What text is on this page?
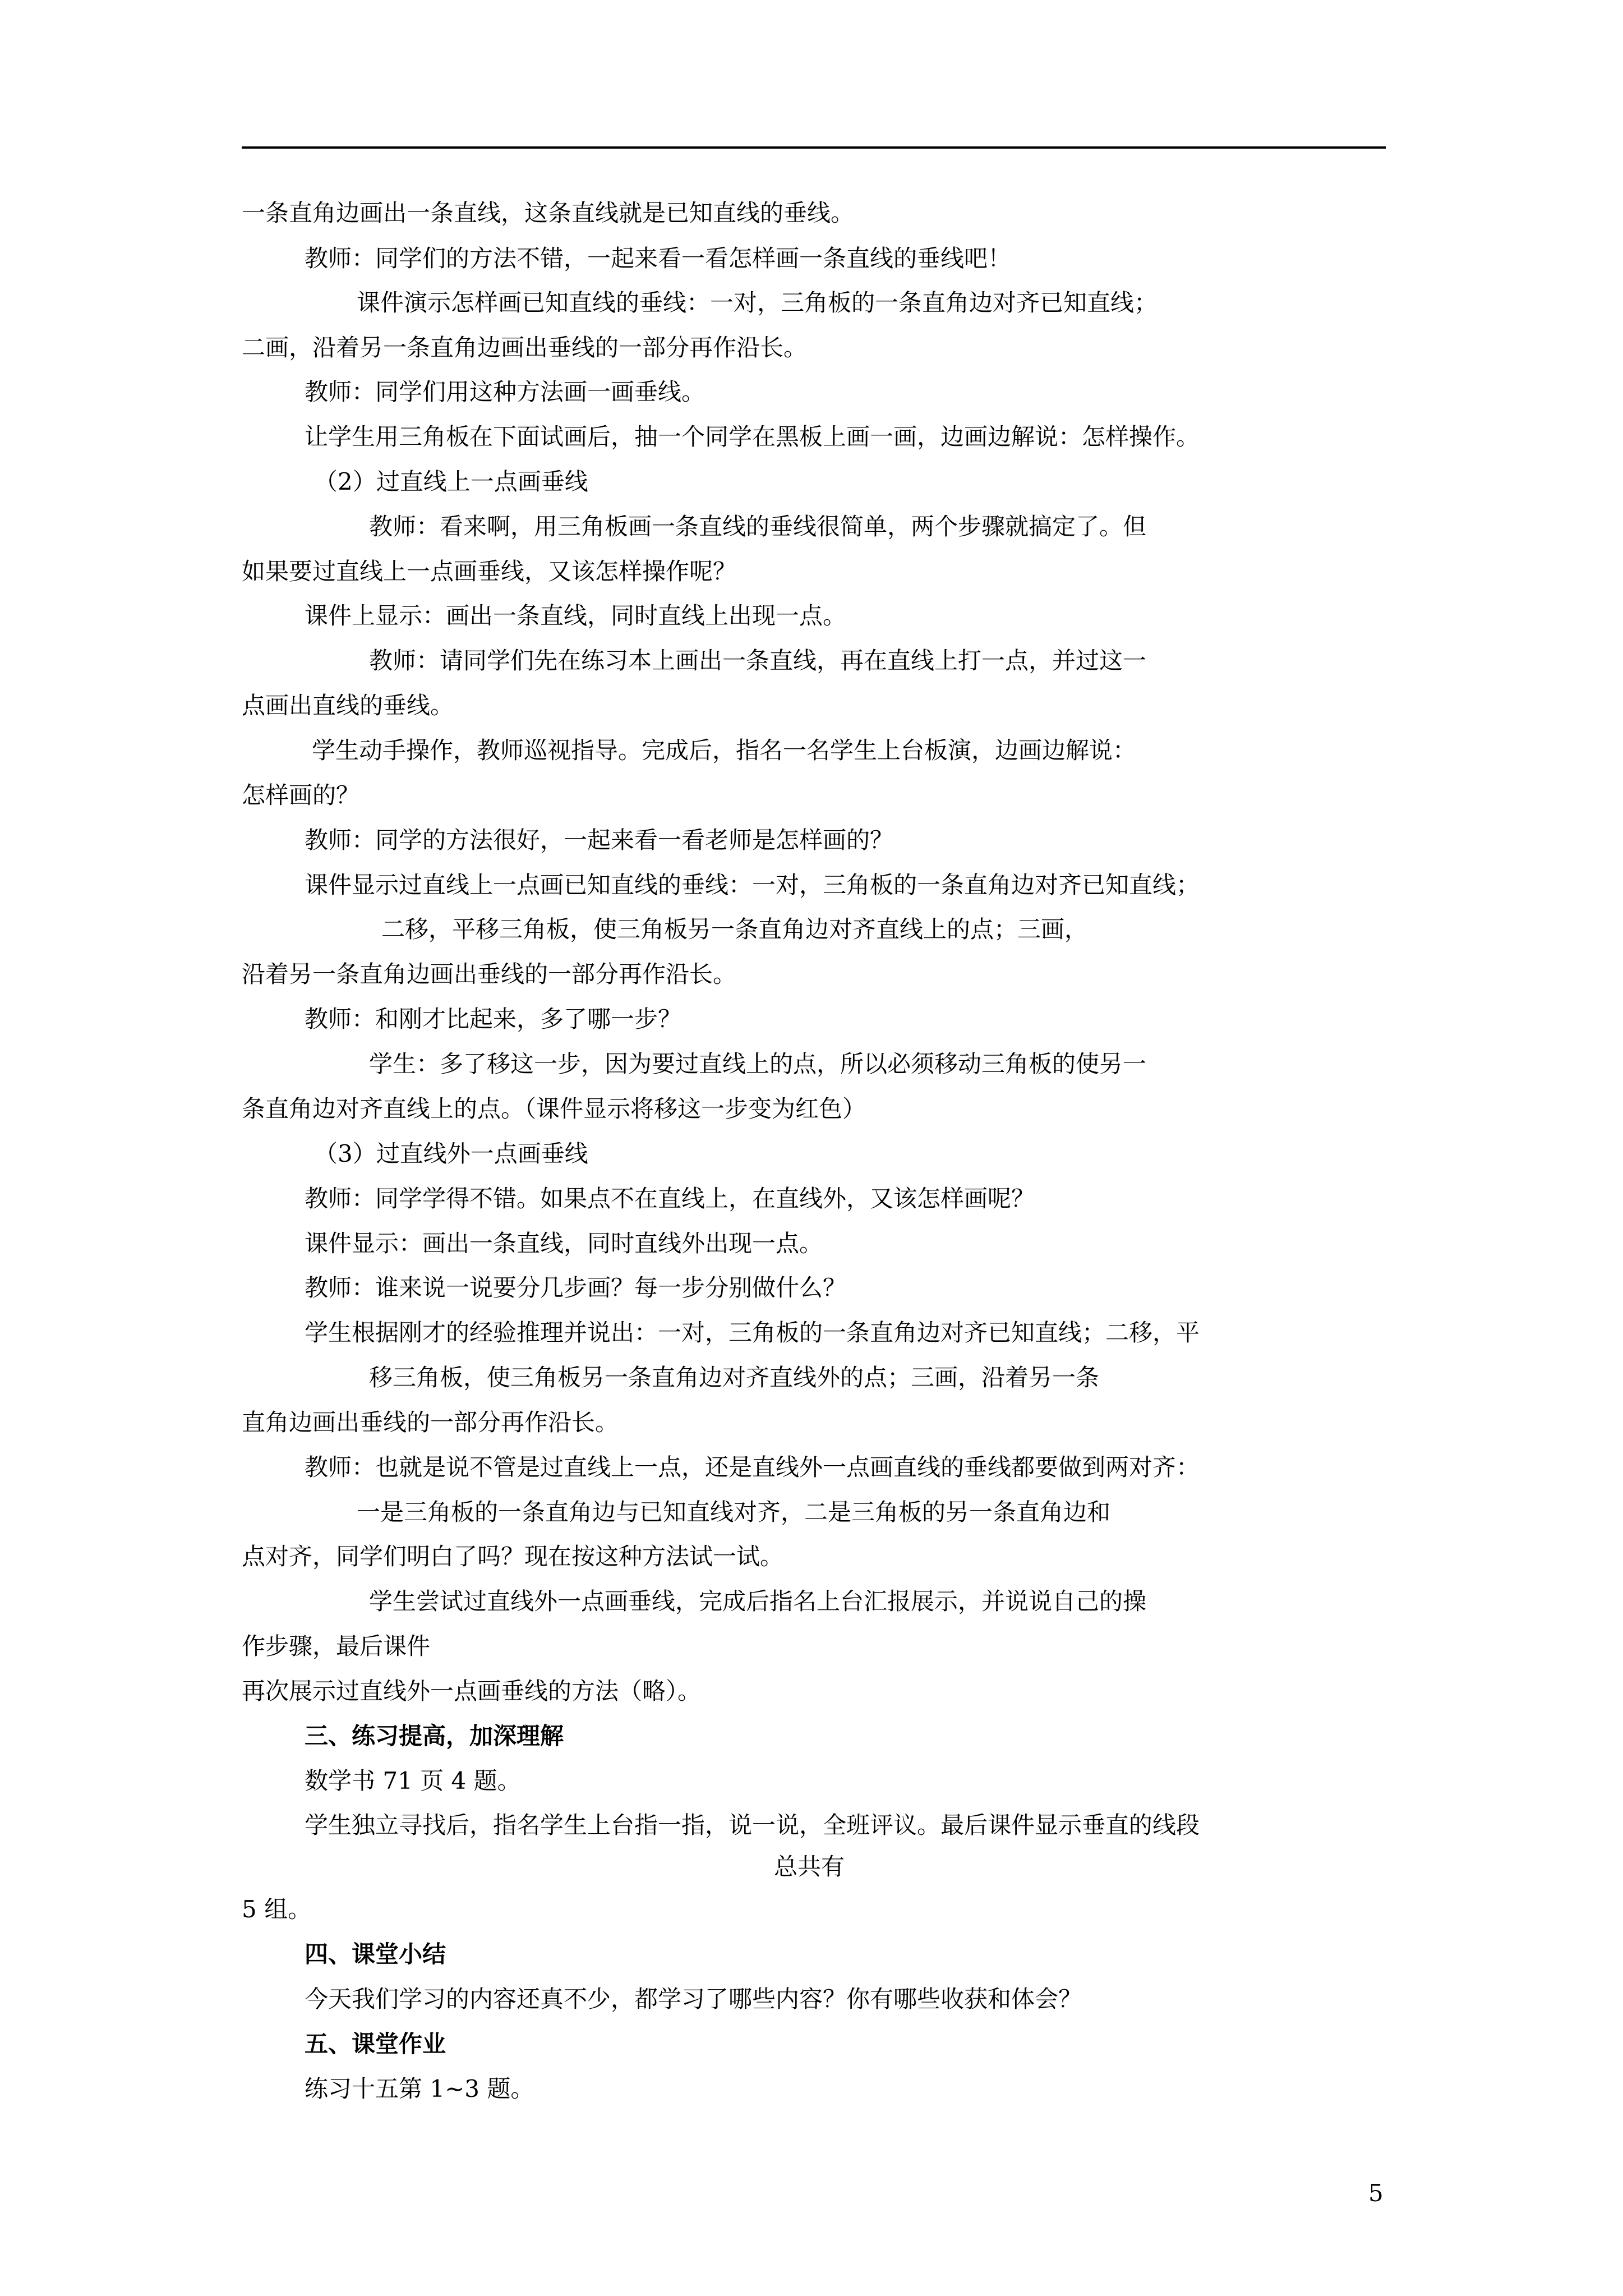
一条直角边画出一条直线，这条直线就是已知直线的垂线。

教师：同学们的方法不错，一起来看一看怎样画一条直线的垂线吧！

课件演示怎样画已知直线的垂线：一对，三角板的一条直角边对齐已知直线；

二画，沿着另一条直角边画出垂线的一部分再作沿长。

教师：同学们用这种方法画一画垂线。

让学生用三角板在下面试画后，抽一个同学在黑板上画一画，边画边解说：怎样操作。

（2）过直线上一点画垂线

教师：看来啊，用三角板画一条直线的垂线很简单，两个步骤就搞定了。但

如果要过直线上一点画垂线，又该怎样操作呢？

课件上显示：画出一条直线，同时直线上出现一点。

教师：请同学们先在练习本上画出一条直线，再在直线上打一点，并过这一

点画出直线的垂线。

学生动手操作，教师巡视指导。完成后，指名一名学生上台板演，边画边解说：

怎样画的？

教师：同学的方法很好，一起来看一看老师是怎样画的？

课件显示过直线上一点画已知直线的垂线：一对，三角板的一条直角边对齐已知直线；

二移，平移三角板，使三角板另一条直角边对齐直线上的点；三画，

沿着另一条直角边画出垂线的一部分再作沿长。

教师：和刚才比起来，多了哪一步？

学生：多了移这一步，因为要过直线上的点，所以必须移动三角板的使另一

条直角边对齐直线上的点。（课件显示将移这一步变为红色）

（3）过直线外一点画垂线

教师：同学学得不错。如果点不在直线上，在直线外，又该怎样画呢？

课件显示：画出一条直线，同时直线外出现一点。

教师：谁来说一说要分几步画？每一步分别做什么？

学生根据刚才的经验推理并说出：一对，三角板的一条直角边对齐已知直线；二移，平

移三角板，使三角板另一条直角边对齐直线外的点；三画，沿着另一条

直角边画出垂线的一部分再作沿长。

教师：也就是说不管是过直线上一点，还是直线外一点画直线的垂线都要做到两对齐：

一是三角板的一条直角边与已知直线对齐，二是三角板的另一条直角边和

点对齐，同学们明白了吗？现在按这种方法试一试。

学生尝试过直线外一点画垂线，完成后指名上台汇报展示，并说说自己的操

作步骤，最后课件

再次展示过直线外一点画垂线的方法（略）。

三、练习提高，加深理解

数学书 71 页 4 题。

学生独立寻找后，指名学生上台指一指，说一说，全班评议。最后课件显示垂直的线段

总共有

5 组。

四、课堂小结

今天我们学习的内容还真不少，都学习了哪些内容？你有哪些收获和体会？

五、课堂作业

练习十五第 1~3 题。

5
